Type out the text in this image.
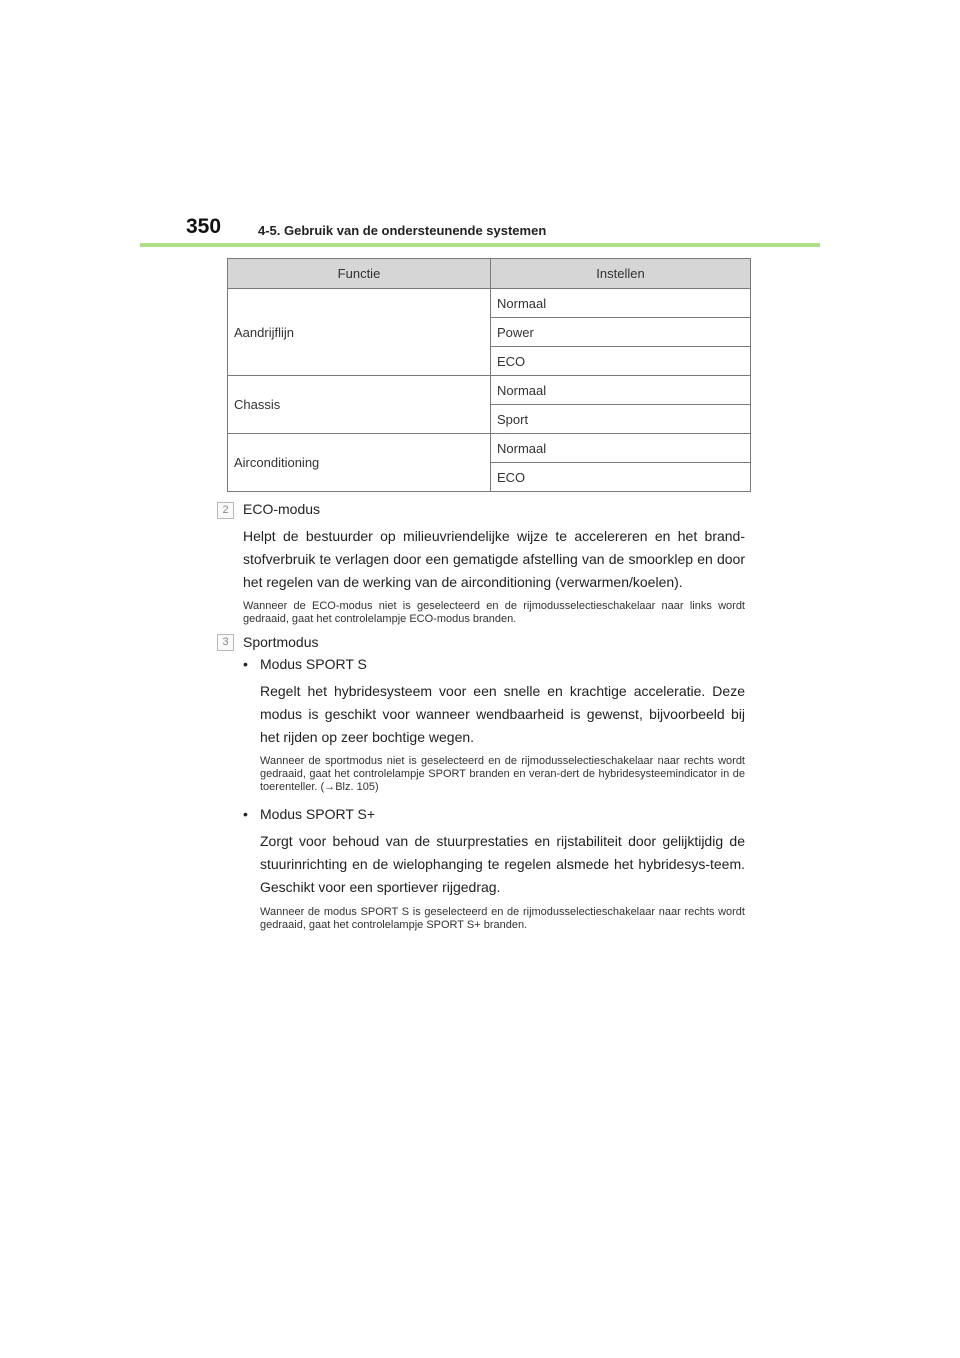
350	4-5. Gebruik van de ondersteunende systemen
Functie	Instellen
Aandrijflijn	Normaal
	Power
	ECO
Chassis	Normaal
	Sport
Airconditioning	Normaal
	ECO
2	ECO-modus
Helpt de bestuurder op milieuvriendelijke wijze te accelereren en het brand-stofverbruik te verlagen door een gematigde afstelling van de smoorklep en door het regelen van de werking van de airconditioning (verwarmen/koelen).
Wanneer de ECO-modus niet is geselecteerd en de rijmodusselectieschakelaar naar links wordt gedraaid, gaat het controlelampje ECO-modus branden.
3	Sportmodus
• Modus SPORT S
Regelt het hybridesysteem voor een snelle en krachtige acceleratie. Deze modus is geschikt voor wanneer wendbaarheid is gewenst, bijvoorbeeld bij het rijden op zeer bochtige wegen.
Wanneer de sportmodus niet is geselecteerd en de rijmodusselectieschakelaar naar rechts wordt gedraaid, gaat het controlelampje SPORT branden en veran-dert de hybridesysteemindicator in de toerenteller. (→Blz. 105)
• Modus SPORT S+
Zorgt voor behoud van de stuurprestaties en rijstabiliteit door gelijktijdig de stuurinrichting en de wielophanging te regelen alsmede het hybridesys-teem. Geschikt voor een sportiever rijgedrag.
Wanneer de modus SPORT S is geselecteerd en de rijmodusselectieschakelaar naar rechts wordt gedraaid, gaat het controlelampje SPORT S+ branden.
